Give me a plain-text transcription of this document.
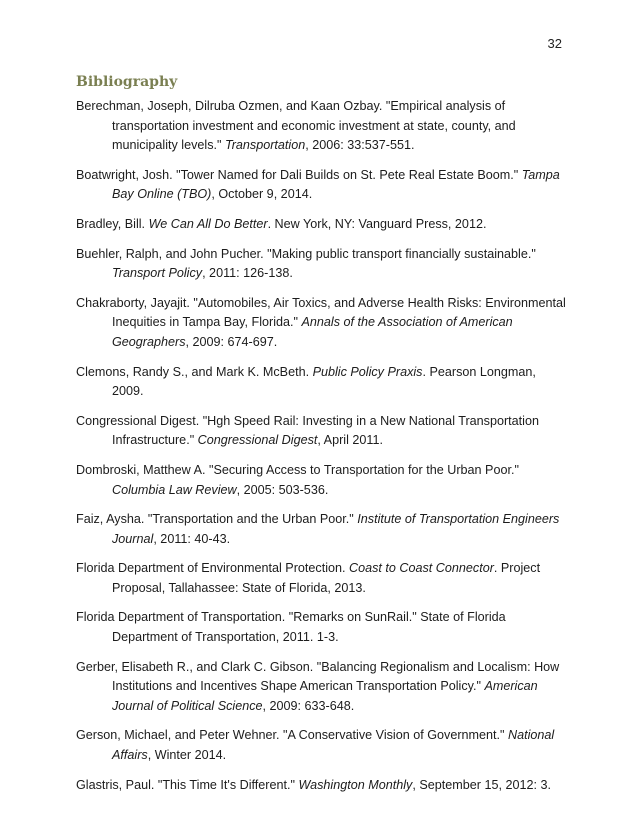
32
Bibliography
Berechman, Joseph, Dilruba Ozmen, and Kaan Ozbay. "Empirical analysis of transportation investment and economic investment at state, county, and municipality levels." Transportation, 2006: 33:537-551.
Boatwright, Josh. "Tower Named for Dali Builds on St. Pete Real Estate Boom." Tampa Bay Online (TBO), October 9, 2014.
Bradley, Bill. We Can All Do Better. New York, NY: Vanguard Press, 2012.
Buehler, Ralph, and John Pucher. "Making public transport financially sustainable." Transport Policy, 2011: 126-138.
Chakraborty, Jayajit. "Automobiles, Air Toxics, and Adverse Health Risks: Environmental Inequities in Tampa Bay, Florida." Annals of the Association of American Geographers, 2009: 674-697.
Clemons, Randy S., and Mark K. McBeth. Public Policy Praxis. Pearson Longman, 2009.
Congressional Digest. "Hgh Speed Rail: Investing in a New National Transportation Infrastructure." Congressional Digest, April 2011.
Dombroski, Matthew A. "Securing Access to Transportation for the Urban Poor." Columbia Law Review, 2005: 503-536.
Faiz, Aysha. "Transportation and the Urban Poor." Institute of Transportation Engineers Journal, 2011: 40-43.
Florida Department of Environmental Protection. Coast to Coast Connector. Project Proposal, Tallahassee: State of Florida, 2013.
Florida Department of Transportation. "Remarks on SunRail." State of Florida Department of Transportation, 2011. 1-3.
Gerber, Elisabeth R., and Clark C. Gibson. "Balancing Regionalism and Localism: How Institutions and Incentives Shape American Transportation Policy." American Journal of Political Science, 2009: 633-648.
Gerson, Michael, and Peter Wehner. "A Conservative Vision of Government." National Affairs, Winter 2014.
Glastris, Paul. "This Time It's Different." Washington Monthly, September 15, 2012: 3.
